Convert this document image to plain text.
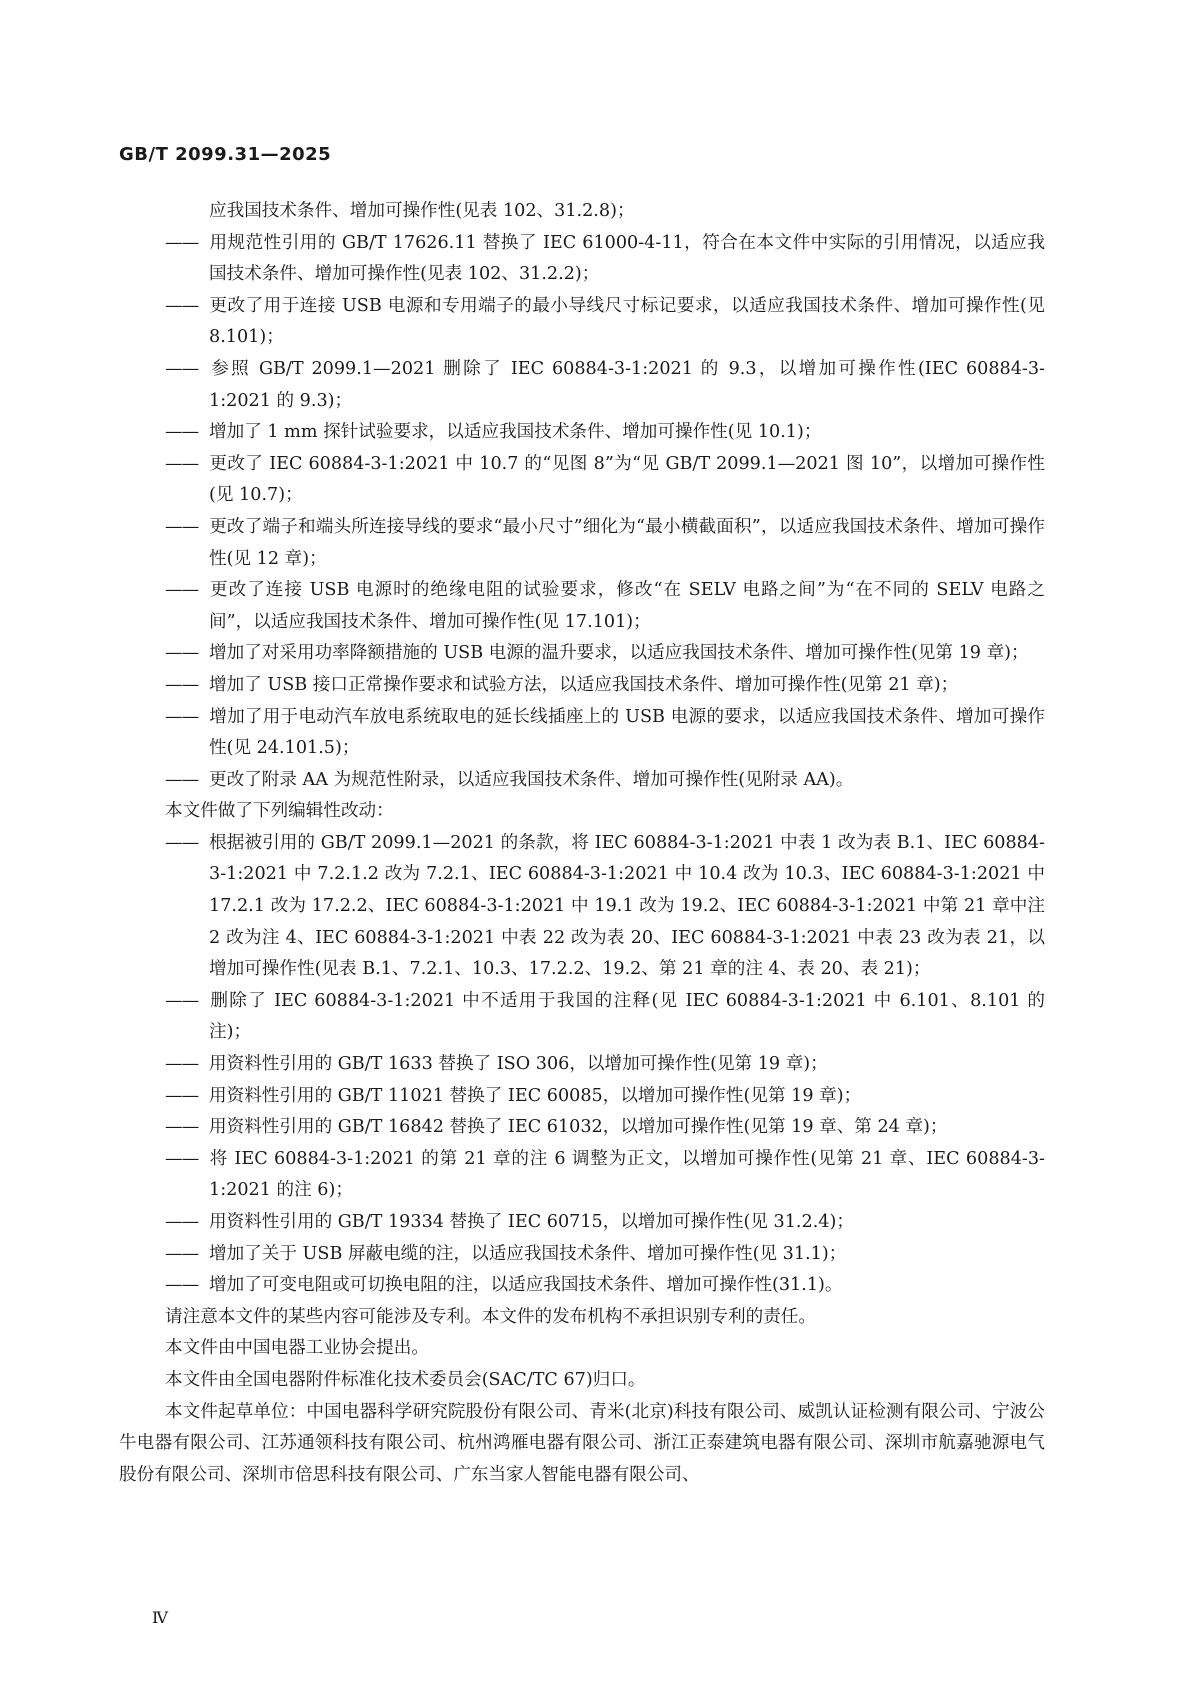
GB/T 2099.31—2025

应我国技术条件、增加可操作性(见表 102、31.2.8)；

—— 用规范性引用的 GB/T 17626.11 替换了 IEC 61000-4-11，符合在本文件中实际的引用情况，以适应我国技术条件、增加可操作性(见表 102、31.2.2)；

—— 更改了用于连接 USB 电源和专用端子的最小导线尺寸标记要求，以适应我国技术条件、增加可操作性(见 8.101)；

—— 参照 GB/T 2099.1—2021 删除了 IEC 60884-3-1:2021 的 9.3，以增加可操作性(IEC 60884-3-1:2021 的 9.3)；

—— 增加了 1 mm 探针试验要求，以适应我国技术条件、增加可操作性(见 10.1)；

—— 更改了 IEC 60884-3-1:2021 中 10.7 的“见图 8”为“见 GB/T 2099.1—2021 图 10”，以增加可操作性(见 10.7)；

—— 更改了端子和端头所连接导线的要求“最小尺寸”细化为“最小横截面积”，以适应我国技术条件、增加可操作性(见 12 章)；

—— 更改了连接 USB 电源时的绝缘电阻的试验要求，修改“在 SELV 电路之间”为“在不同的 SELV 电路之间”，以适应我国技术条件、增加可操作性(见 17.101)；

—— 增加了对采用功率降额措施的 USB 电源的温升要求，以适应我国技术条件、增加可操作性(见第 19 章)；

—— 增加了 USB 接口正常操作要求和试验方法，以适应我国技术条件、增加可操作性(见第 21 章)；

—— 增加了用于电动汽车放电系统取电的延长线插座上的 USB 电源的要求，以适应我国技术条件、增加可操作性(见 24.101.5)；

—— 更改了附录 AA 为规范性附录，以适应我国技术条件、增加可操作性(见附录 AA)。

本文件做了下列编辑性改动：

—— 根据被引用的 GB/T 2099.1—2021 的条款，将 IEC 60884-3-1:2021 中表 1 改为表 B.1、IEC 60884-3-1:2021 中 7.2.1.2 改为 7.2.1、IEC 60884-3-1:2021 中 10.4 改为 10.3、IEC 60884-3-1:2021 中 17.2.1 改为 17.2.2、IEC 60884-3-1:2021 中 19.1 改为 19.2、IEC 60884-3-1:2021 中第 21 章中注 2 改为注 4、IEC 60884-3-1:2021 中表 22 改为表 20、IEC 60884-3-1:2021 中表 23 改为表 21，以增加可操作性(见表 B.1、7.2.1、10.3、17.2.2、19.2、第 21 章的注 4、表 20、表 21)；

—— 删除了 IEC 60884-3-1:2021 中不适用于我国的注释(见 IEC 60884-3-1:2021 中 6.101、8.101 的注)；

—— 用资料性引用的 GB/T 1633 替换了 ISO 306，以增加可操作性(见第 19 章)；

—— 用资料性引用的 GB/T 11021 替换了 IEC 60085，以增加可操作性(见第 19 章)；

—— 用资料性引用的 GB/T 16842 替换了 IEC 61032，以增加可操作性(见第 19 章、第 24 章)；

—— 将 IEC 60884-3-1:2021 的第 21 章的注 6 调整为正文，以增加可操作性(见第 21 章、IEC 60884-3-1:2021 的注 6)；

—— 用资料性引用的 GB/T 19334 替换了 IEC 60715，以增加可操作性(见 31.2.4)；

—— 增加了关于 USB 屏蔽电缆的注，以适应我国技术条件、增加可操作性(见 31.1)；

—— 增加了可变电阻或可切换电阻的注，以适应我国技术条件、增加可操作性(31.1)。

请注意本文件的某些内容可能涉及专利。本文件的发布机构不承担识别专利的责任。

本文件由中国电器工业协会提出。

本文件由全国电器附件标准化技术委员会(SAC/TC 67)归口。

本文件起草单位：中国电器科学研究院股份有限公司、青米(北京)科技有限公司、威凯认证检测有限公司、宁波公牛电器有限公司、江苏通领科技有限公司、杭州鸿雁电器有限公司、浙江正泰建筑电器有限公司、深圳市航嘉驰源电气股份有限公司、深圳市倍思科技有限公司、广东当家人智能电器有限公司、

Ⅳ
